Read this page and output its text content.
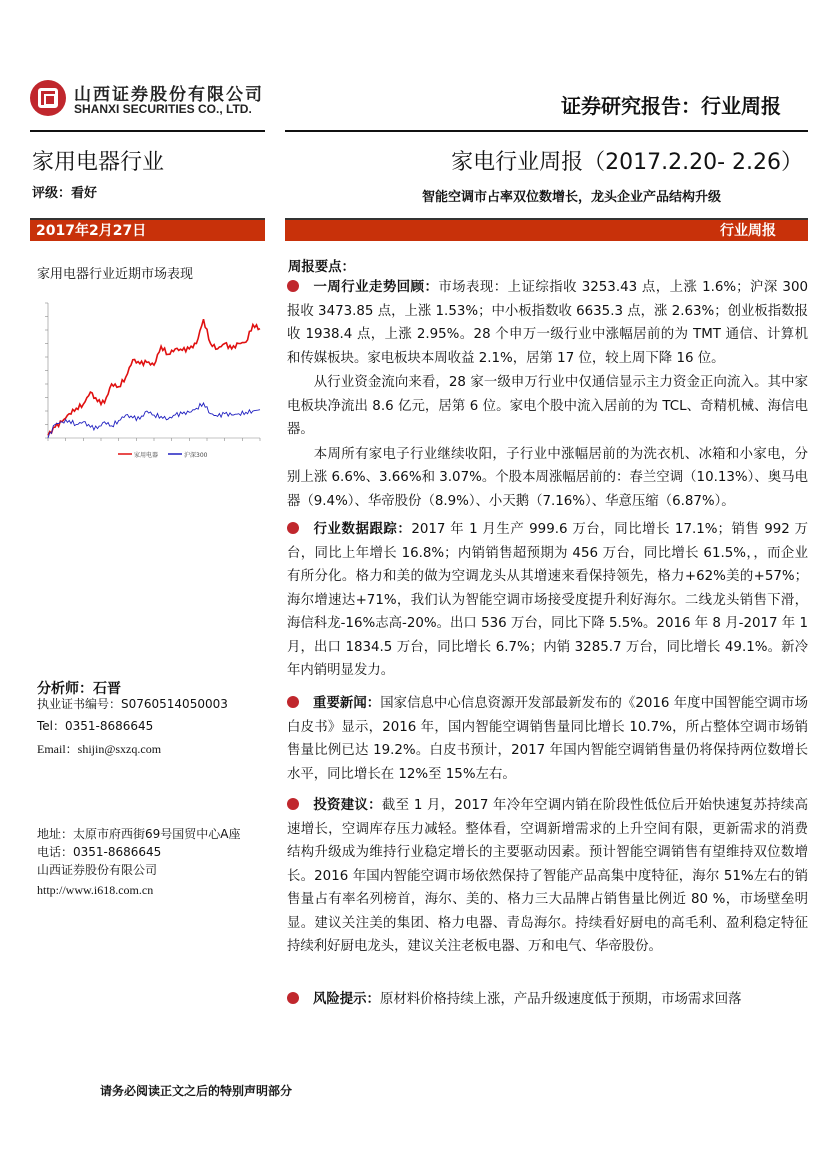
山西证券股份有限公司
SHANXI SECURITIES CO., LTD.	证券研究报告：行业周报
家用电器行业	家电行业周报（2017.2.20- 2.26）
评级：看好	智能空调市占率双位数增长，龙头企业产品结构升级
2017年2月27日	行业周报
家用电器行业近期市场表现
家用电器	沪深300
分析师：石晋
执业证书编号：S0760514050003
Tel：0351-8686645
Email：shijin@sxzq.com
地址：太原市府西街69号国贸中心A座
电话：0351-8686645
山西证券股份有限公司
http://www.i618.com.cn
周报要点：
一周行业走势回顾：市场表现：上证综指收 3253.43 点，上涨 1.6%；沪深 300 报收 3473.85 点，上涨 1.53%；中小板指数收 6635.3 点，涨 2.63%；创业板指数报收 1938.4 点，上涨 2.95%。28 个申万一级行业中涨幅居前的为 TMT 通信、计算机和传媒板块。家电板块本周收益 2.1%，居第 17 位，较上周下降 16 位。
从行业资金流向来看，28 家一级申万行业中仅通信显示主力资金正向流入。其中家电板块净流出 8.6 亿元，居第 6 位。家电个股中流入居前的为 TCL、奇精机械、海信电器。
本周所有家电子行业继续收阳，子行业中涨幅居前的为洗衣机、冰箱和小家电，分别上涨 6.6%、3.66%和 3.07%。个股本周涨幅居前的：春兰空调（10.13%）、奥马电器（9.4%）、华帝股份（8.9%）、小天鹅（7.16%）、华意压缩（6.87%）。
行业数据跟踪：2017 年 1 月生产 999.6 万台，同比增长 17.1%；销售 992 万台，同比上年增长 16.8%；内销销售超预期为 456 万台，同比增长 61.5%，，而企业有所分化。格力和美的做为空调龙头从其增速来看保持领先，格力+62%美的+57%；海尔增速达+71%，我们认为智能空调市场接受度提升利好海尔。二线龙头销售下滑，海信科龙-16%志高-20%。出口 536 万台，同比下降 5.5%。2016 年 8 月-2017 年 1 月，出口 1834.5 万台，同比增长 6.7%；内销 3285.7 万台，同比增长 49.1%。新冷年内销明显发力。
重要新闻：国家信息中心信息资源开发部最新发布的《2016 年度中国智能空调市场白皮书》显示，2016 年，国内智能空调销售量同比增长 10.7%，所占整体空调市场销售量比例已达 19.2%。白皮书预计，2017 年国内智能空调销售量仍将保持两位数增长水平，同比增长在 12%至 15%左右。
投资建议：截至 1 月，2017 年冷年空调内销在阶段性低位后开始快速复苏持续高速增长，空调库存压力减轻。整体看，空调新增需求的上升空间有限，更新需求的消费结构升级成为维持行业稳定增长的主要驱动因素。预计智能空调销售有望维持双位数增长。2016 年国内智能空调市场依然保持了智能产品高集中度特征，海尔 51%左右的销售量占有率名列榜首，海尔、美的、格力三大品牌占销售量比例近 80 %，市场壁垒明显。建议关注美的集团、格力电器、青岛海尔。持续看好厨电的高毛利、盈利稳定特征持续利好厨电龙头，建议关注老板电器、万和电气、华帝股份。
风险提示：原材料价格持续上涨，产品升级速度低于预期，市场需求回落
请务必阅读正文之后的特别声明部分
